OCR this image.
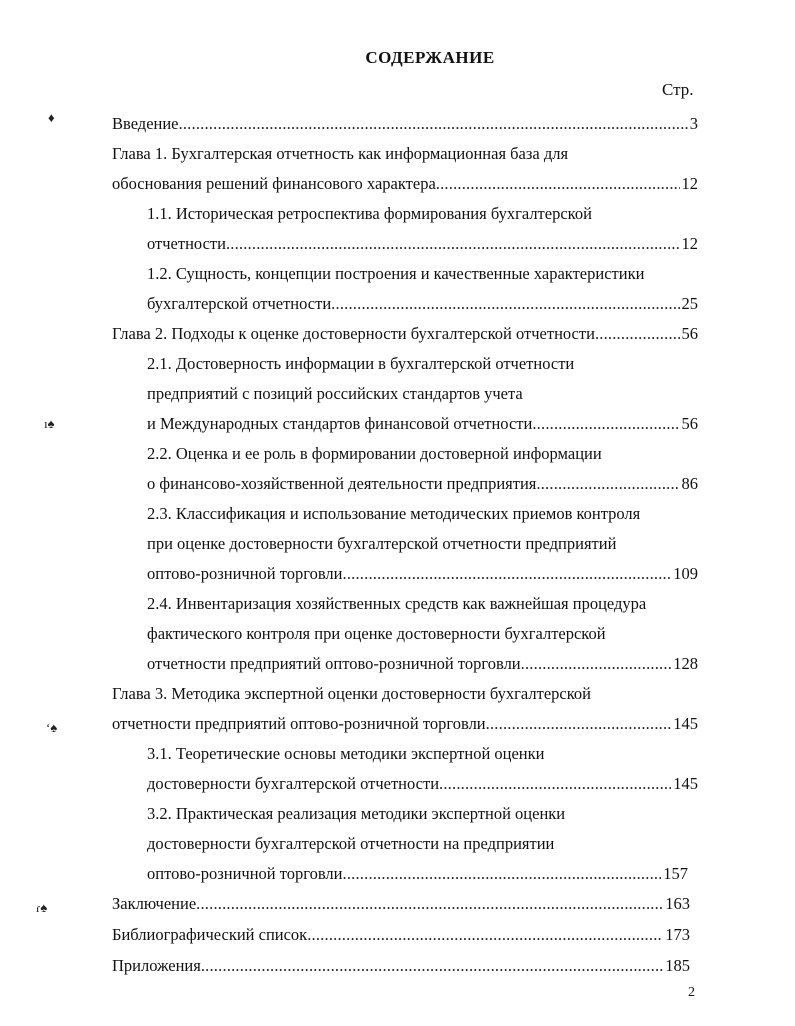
СОДЕРЖАНИЕ
Стр.
Введение .....	3
Глава 1. Бухгалтерская отчетность как информационная база для
обоснования решений финансового характера .....	12
1.1. Историческая ретроспектива формирования бухгалтерской
отчетности .....	12
1.2. Сущность, концепции построения и качественные характеристики
бухгалтерской отчетности .....	25
Глава 2. Подходы к оценке достоверности бухгалтерской отчетности .....	56
2.1. Достоверность информации в бухгалтерской отчетности
предприятий с позиций российских стандартов учета
и Международных стандартов финансовой отчетности .....	56
2.2. Оценка и ее роль в формировании достоверной информации
о финансово-хозяйственной деятельности предприятия .....	86
2.3. Классификация и использование методических приемов контроля
при оценке достоверности бухгалтерской отчетности предприятий
оптово-розничной торговли .....	109
2.4. Инвентаризация хозяйственных средств как важнейшая процедура
фактического контроля при оценке достоверности бухгалтерской
отчетности предприятий оптово-розничной торговли .....	128
Глава 3. Методика экспертной оценки достоверности бухгалтерской
отчетности предприятий оптово-розничной торговли .....	145
3.1. Теоретические основы методики экспертной оценки
достоверности бухгалтерской отчетности .....	145
3.2. Практическая реализация методики экспертной оценки
достоверности бухгалтерской отчетности на предприятии
оптово-розничной торговли .....	157
Заключение .....	163
Библиографический список .....	173
Приложения .....	185
2
♦
ı♠
ʻ♠
ɾ♠
